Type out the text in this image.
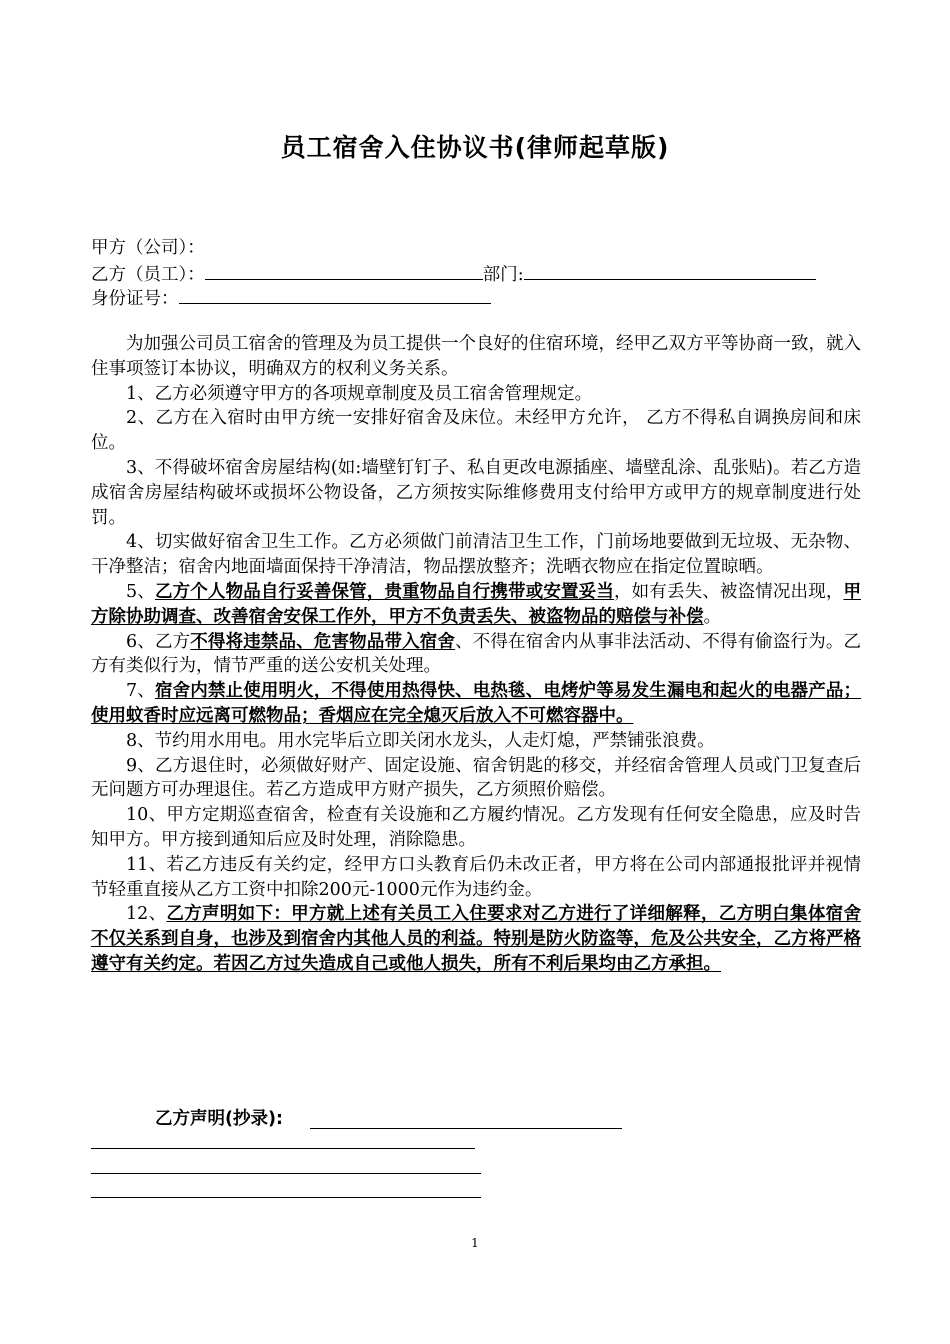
员工宿舍入住协议书(律师起草版)
甲方（公司）：
乙方（员工）：	部门:
身份证号：

为加强公司员工宿舍的管理及为员工提供一个良好的住宿环境，经甲乙双方平等协商一致，就入住事项签订本协议，明确双方的权利义务关系。

1、乙方必须遵守甲方的各项规章制度及员工宿舍管理规定。

2、乙方在入宿时由甲方统一安排好宿舍及床位。未经甲方允许， 乙方不得私自调换房间和床位。

3、不得破坏宿舍房屋结构(如:墙壁钉钉子、私自更改电源插座、墙壁乱涂、乱张贴)。若乙方造成宿舍房屋结构破坏或损坏公物设备，乙方须按实际维修费用支付给甲方或甲方的规章制度进行处罚。

4、切实做好宿舍卫生工作。乙方必须做门前清洁卫生工作，门前场地要做到无垃圾、无杂物、干净整洁；宿舍内地面墙面保持干净清洁，物品摆放整齐；洗晒衣物应在指定位置晾晒。

5、乙方个人物品自行妥善保管，贵重物品自行携带或安置妥当，如有丢失、被盗情况出现，甲方除协助调查、改善宿舍安保工作外，甲方不负责丢失、被盗物品的赔偿与补偿。

6、乙方不得将违禁品、危害物品带入宿舍、不得在宿舍内从事非法活动、不得有偷盗行为。乙方有类似行为，情节严重的送公安机关处理。

7、宿舍内禁止使用明火，不得使用热得快、电热毯、电烤炉等易发生漏电和起火的电器产品；使用蚊香时应远离可燃物品；香烟应在完全熄灭后放入不可燃容器中。

8、节约用水用电。用水完毕后立即关闭水龙头，人走灯熄，严禁铺张浪费。

9、乙方退住时，必须做好财产、固定设施、宿舍钥匙的移交，并经宿舍管理人员或门卫复查后无问题方可办理退住。若乙方造成甲方财产损失，乙方须照价赔偿。

10、甲方定期巡查宿舍，检查有关设施和乙方履约情况。乙方发现有任何安全隐患，应及时告知甲方。甲方接到通知后应及时处理，消除隐患。

11、若乙方违反有关约定，经甲方口头教育后仍未改正者，甲方将在公司内部通报批评并视情节轻重直接从乙方工资中扣除200元-1000元作为违约金。

12、乙方声明如下：甲方就上述有关员工入住要求对乙方进行了详细解释，乙方明白集体宿舍不仅关系到自身，也涉及到宿舍内其他人员的利益。特别是防火防盗等，危及公共安全，乙方将严格遵守有关约定。若因乙方过失造成自己或他人损失，所有不利后果均由乙方承担。

乙方声明(抄录):
1
